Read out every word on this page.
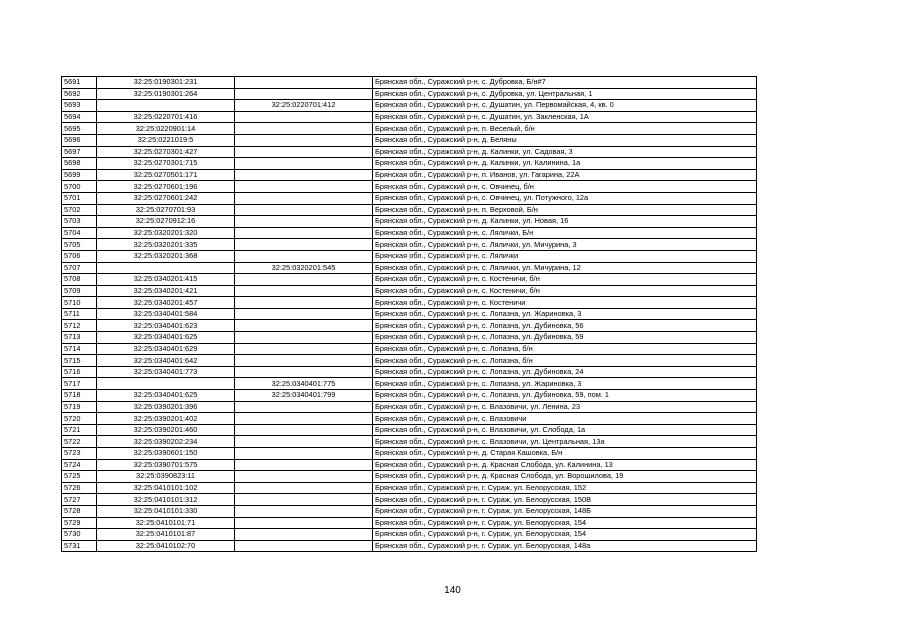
5691	32:25:0190301:231		Брянская обл., Суражский р-н, с. Дубровка, Б/н#7
5692	32:25:0190301:264		Брянская обл., Суражский р-н, с. Дубровка, ул. Центральная, 1
5693		32:25:0220701:412	Брянская обл., Суражский р-н, с. Душатин, ул. Первомайская, 4, кв. 0
5694	32:25:0220701:416		Брянская обл., Суражский р-н, с. Душатин, ул. Закленская, 1А
5695	32:25:0220901:14		Брянская обл., Суражский р-н, п. Веселый, б/н
5696	32:25:0221019:5		Брянская обл., Суражский р-н, д. Беляны
5697	32:25:0270301:427		Брянская обл., Суражский р-н, д. Калинки, ул. Садовая, 3
5698	32:25:0270301:715		Брянская обл., Суражский р-н, д. Калинки, ул. Калинина, 1а
5699	32:25:0270501:171		Брянская обл., Суражский р-н, п. Иванов, ул. Гагарина, 22А
5700	32:25:0270601:196		Брянская обл., Суражский р-н, с. Овчинец, б/н
5701	32:25:0270601:242		Брянская обл., Суражский р-н, с. Овчинец, ул. Потужного, 12а
5702	32:25:0270701:93		Брянская обл., Суражский р-н, п. Верховой, Б/н
5703	32:25:0270912:16		Брянская обл., Суражский р-н, д. Калинки, ул. Новая, 16
5704	32:25:0320201:320		Брянская обл., Суражский р-н, с. Лялички, Б/н
5705	32:25:0320201:335		Брянская обл., Суражский р-н, с. Лялички, ул. Мичурина, 3
5706	32:25:0320201:368		Брянская обл., Суражский р-н, с. Лялички
5707		32:25:0320201:545	Брянская обл., Суражский р-н, с. Лялички, ул. Мичурина, 12
5708	32:25:0340201:415		Брянская обл., Суражский р-н, с. Костеничи, б/н
5709	32:25:0340201:421		Брянская обл., Суражский р-н, с. Костеничи, б/н
5710	32:25:0340201:457		Брянская обл., Суражский р-н, с. Костеничи
5711	32:25:0340401:584		Брянская обл., Суражский р-н, с. Лопазна, ул. Жариновка, 3
5712	32:25:0340401:623		Брянская обл., Суражский р-н, с. Лопазна, ул. Дубиновка, 56
5713	32:25:0340401:625		Брянская обл., Суражский р-н, с. Лопазна, ул. Дубиновка, 59
5714	32:25:0340401:629		Брянская обл., Суражский р-н, с. Лопазна, б/н
5715	32:25:0340401:642		Брянская обл., Суражский р-н, с. Лопазна, б/н
5716	32:25:0340401:773		Брянская обл., Суражский р-н, с. Лопазна, ул. Дубиновка, 24
5717		32:25:0340401:775	Брянская обл., Суражский р-н, с. Лопазна, ул. Жариновка, 3
5718	32:25:0340401:625	32:25:0340401:799	Брянская обл., Суражский р-н, с. Лопазна, ул. Дубиновка, 59, пом. 1
5719	32:25:0390201:396		Брянская обл., Суражский р-н, с. Влазовичи, ул. Ленина, 23
5720	32:25:0390201:402		Брянская обл., Суражский р-н, с. Влазовичи
5721	32:25:0390201:460		Брянская обл., Суражский р-н, с. Влазовичи, ул. Слобода, 1а
5722	32:25:0390202:234		Брянская обл., Суражский р-н, с. Влазовичи, ул. Центральная, 13а
5723	32:25:0390601:150		Брянская обл., Суражский р-н, д. Старая Кашовка, Б/н
5724	32:25:0390701:575		Брянская обл., Суражский р-н, д. Красная Слобода, ул. Калинина, 13
5725	32:25:0390823:11		Брянская обл., Суражский р-н, д. Красная Слобода, ул. Ворошилова, 19
5726	32:25:0410101:102		Брянская обл., Суражский р-н, г. Сураж, ул. Белорусская, 152
5727	32:25:0410101:312		Брянская обл., Суражский р-н, г. Сураж, ул. Белорусская, 150В
5728	32:25:0410101:330		Брянская обл., Суражский р-н, г. Сураж, ул. Белорусская, 148Б
5729	32:25:0410101:71		Брянская обл., Суражский р-н, г. Сураж, ул. Белорусская, 154
5730	32:25:0410101:87		Брянская обл., Суражский р-н, г. Сураж, ул. Белорусская, 154
5731	32:25:0410102:70		Брянская обл., Суражский р-н, г. Сураж, ул. Белорусская, 148а
140
